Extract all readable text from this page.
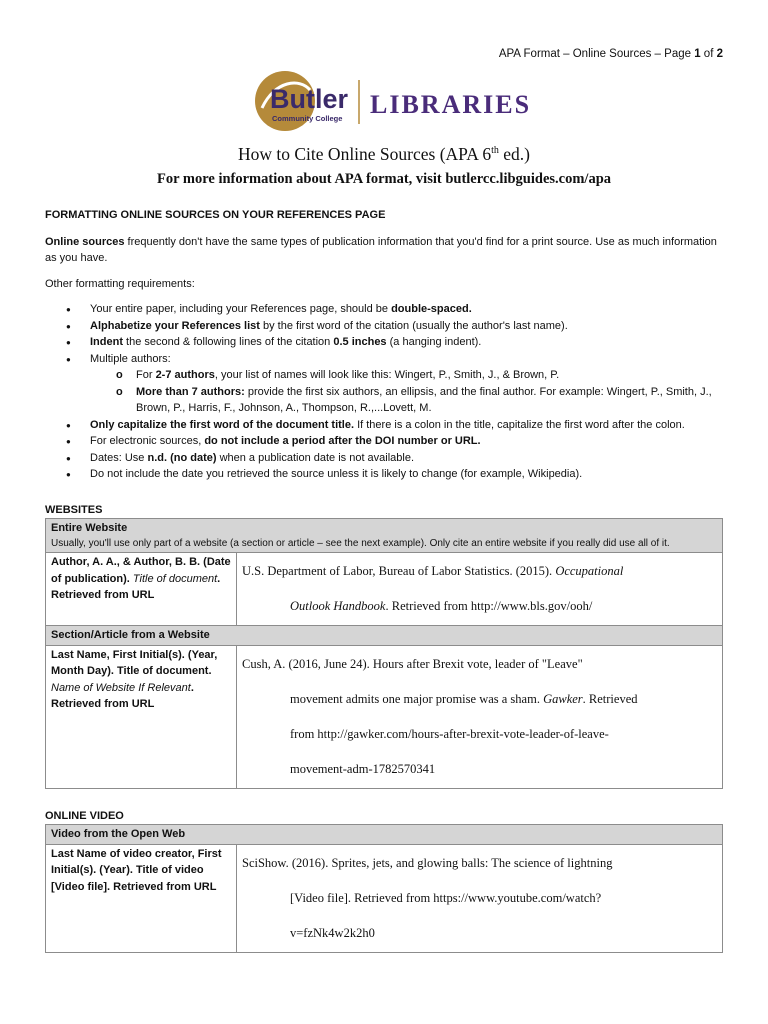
APA Format – Online Sources – Page 1 of 2
Butler
Community College LIBRARIES
How to Cite Online Sources (APA 6th ed.)
For more information about APA format, visit butlercc.libguides.com/apa

FORMATTING ONLINE SOURCES ON YOUR REFERENCES PAGE

Online sources frequently don't have the same types of publication information that you'd find for a print source. Use as much information as you have.

Other formatting requirements:

● Your entire paper, including your References page, should be double-spaced.
● Alphabetize your References list by the first word of the citation (usually the author's last name).
● Indent the second & following lines of the citation 0.5 inches (a hanging indent).
● Multiple authors:
o For 2-7 authors, your list of names will look like this: Wingert, P., Smith, J., & Brown, P.
o More than 7 authors: provide the first six authors, an ellipsis, and the final author. For example: Wingert, P., Smith, J., Brown, P., Harris, F., Johnson, A., Thompson, R.,...Lovett, M.
● Only capitalize the first word of the document title. If there is a colon in the title, capitalize the first word after the colon.
● For electronic sources, do not include a period after the DOI number or URL.
● Dates: Use n.d. (no date) when a publication date is not available.
● Do not include the date you retrieved the source unless it is likely to change (for example, Wikipedia).

WEBSITES

Entire Website
Usually, you'll use only part of a website (a section or article – see the next example). Only cite an entire website if you really did use all of it.	

Author, A. A., & Author, B. B. (Date of publication). Title of document. Retrieved from URL	U.S. Department of Labor, Bureau of Labor Statistics. (2015). Occupational
Outlook Handbook. Retrieved from http://www.bls.gov/ooh/

Section/Article from a Website	

Last Name, First Initial(s). (Year, Month Day). Title of document. Name of Website If Relevant. Retrieved from URL	Cush, A. (2016, June 24). Hours after Brexit vote, leader of "Leave"
movement admits one major promise was a sham. Gawker. Retrieved
from http://gawker.com/hours-after-brexit-vote-leader-of-leave-
movement-adm-1782570341

ONLINE VIDEO

Video from the Open Web

Last Name of video creator, First Initial(s). (Year). Title of video [Video file]. Retrieved from URL	SciShow. (2016). Sprites, jets, and glowing balls: The science of lightning
[Video file]. Retrieved from https://www.youtube.com/watch?
v=fzNk4w2k2h0
